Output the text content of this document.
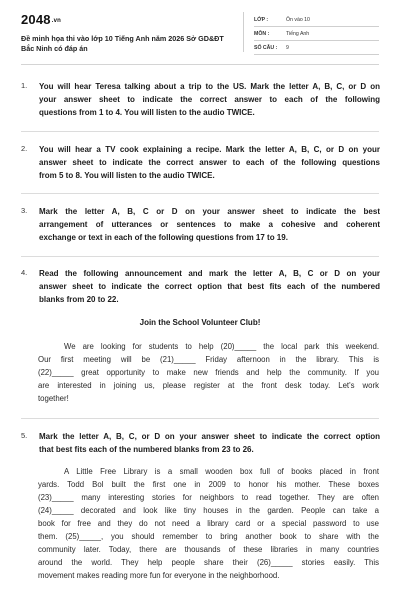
2048.vn
Đề minh họa thi vào lớp 10 Tiếng Anh năm 2026 Sở GD&ĐT
Bắc Ninh có đáp án
LỚP :	Ôn vào 10
MÔN :	Tiếng Anh
SỐ CÂU : 9
1. You will hear Teresa talking about a trip to the US. Mark the letter A, B, C, or D on
your answer sheet to indicate the correct answer to each of the following
questions from 1 to 4. You will listen to the audio TWICE.
2. You will hear a TV cook explaining a recipe. Mark the letter A, B, C, or D on your
answer sheet to indicate the correct answer to each of the following questions
from 5 to 8. You will listen to the audio TWICE.
3. Mark the letter A, B, C or D on your answer sheet to indicate the best
arrangement of utterances or sentences to make a cohesive and coherent
exchange or text in each of the following questions from 17 to 19.
4. Read the following announcement and mark the letter A, B, C or D on your
answer sheet to indicate the correct option that best fits each of the numbered
blanks from 20 to 22.
Join the School Volunteer Club!
We are looking for students to help (20)_____ the local park this weekend.
Our first meeting will be (21)_____ Friday afternoon in the library. This is
(22)_____ great opportunity to make new friends and help the community. If you
are interested in joining us, please register at the front desk today. Let's work
together!
5. Mark the letter A, B, C, or D on your answer sheet to indicate the correct option
that best fits each of the numbered blanks from 23 to 26.
A Little Free Library is a small wooden box full of books placed in front
yards. Todd Bol built the first one in 2009 to honor his mother. These boxes
(23)_____ many interesting stories for neighbors to read together. They are often
(24)_____ decorated and look like tiny houses in the garden. People can take a
book for free and they do not need a library card or a special password to use
them. (25)_____, you should remember to bring another book to share with the
community later. Today, there are thousands of these libraries in many countries
around the world. They help people share their (26)_____ stories easily. This
movement makes reading more fun for everyone in the neighborhood.
